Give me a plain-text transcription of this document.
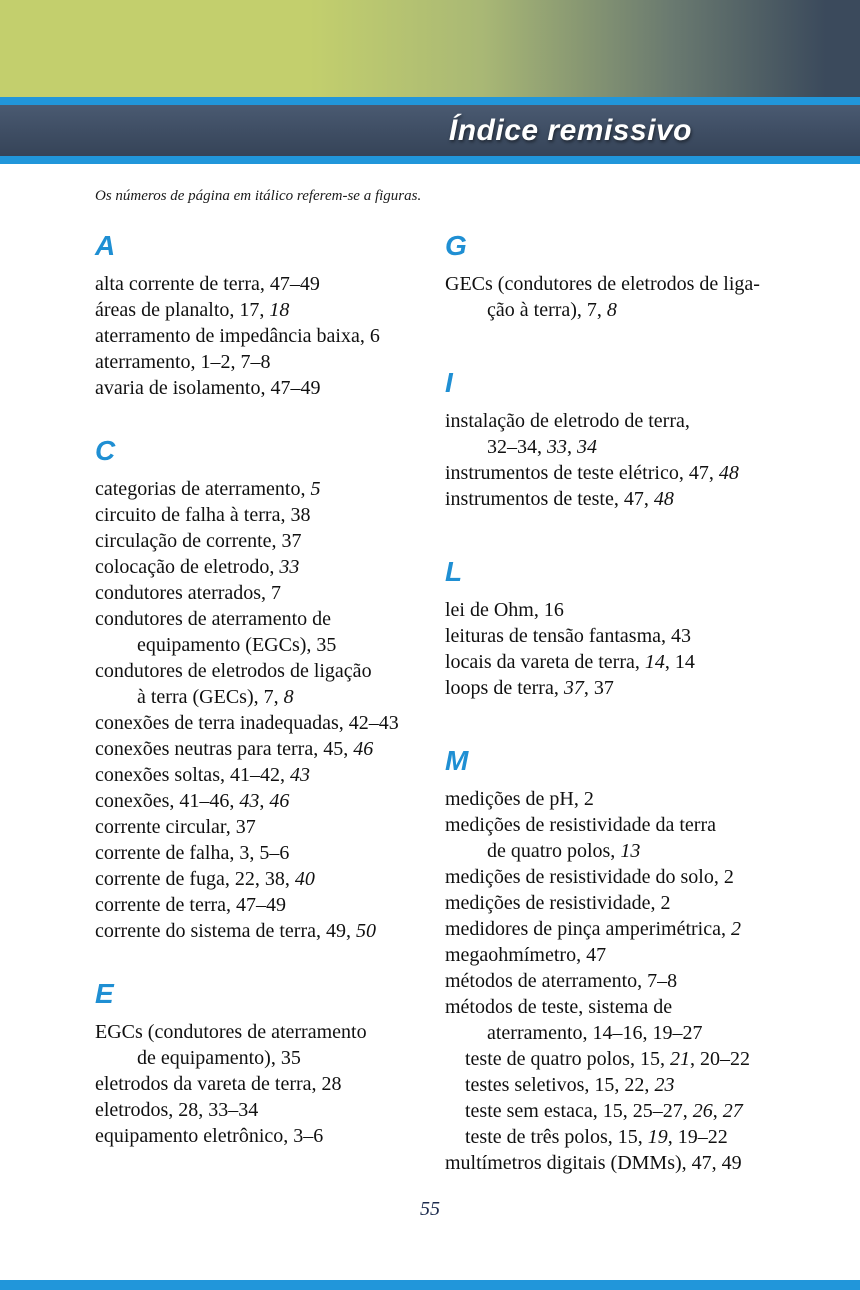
Índice remissivo

Os números de página em itálico referem-se a figuras.

A
alta corrente de terra, 47–49
áreas de planalto, 17, 18
aterramento de impedância baixa, 6
aterramento, 1–2, 7–8
avaria de isolamento, 47–49
C
categorias de aterramento, 5
circuito de falha à terra, 38
circulação de corrente, 37
colocação de eletrodo, 33
condutores aterrados, 7
condutores de aterramento de
equipamento (EGCs), 35
condutores de eletrodos de ligação
à terra (GECs), 7, 8
conexões de terra inadequadas, 42–43
conexões neutras para terra, 45, 46
conexões soltas, 41–42, 43
conexões, 41–46, 43, 46
corrente circular, 37
corrente de falha, 3, 5–6
corrente de fuga, 22, 38, 40
corrente de terra, 47–49
corrente do sistema de terra, 49, 50
E
EGCs (condutores de aterramento
de equipamento), 35
eletrodos da vareta de terra, 28
eletrodos, 28, 33–34
equipamento eletrônico, 3–6
G
GECs (condutores de eletrodos de liga-
ção à terra), 7, 8
I
instalação de eletrodo de terra,
32–34, 33, 34
instrumentos de teste elétrico, 47, 48
instrumentos de teste, 47, 48
L
lei de Ohm, 16
leituras de tensão fantasma, 43
locais da vareta de terra, 14, 14
loops de terra, 37, 37
M
medições de pH, 2
medições de resistividade da terra
de quatro polos, 13
medições de resistividade do solo, 2
medições de resistividade, 2
medidores de pinça amperimétrica, 2
megaohmímetro, 47
métodos de aterramento, 7–8
métodos de teste, sistema de
aterramento, 14–16, 19–27
teste de quatro polos, 15, 21, 20–22
testes seletivos, 15, 22, 23
teste sem estaca, 15, 25–27, 26, 27
teste de três polos, 15, 19, 19–22
multímetros digitais (DMMs), 47, 49
55
